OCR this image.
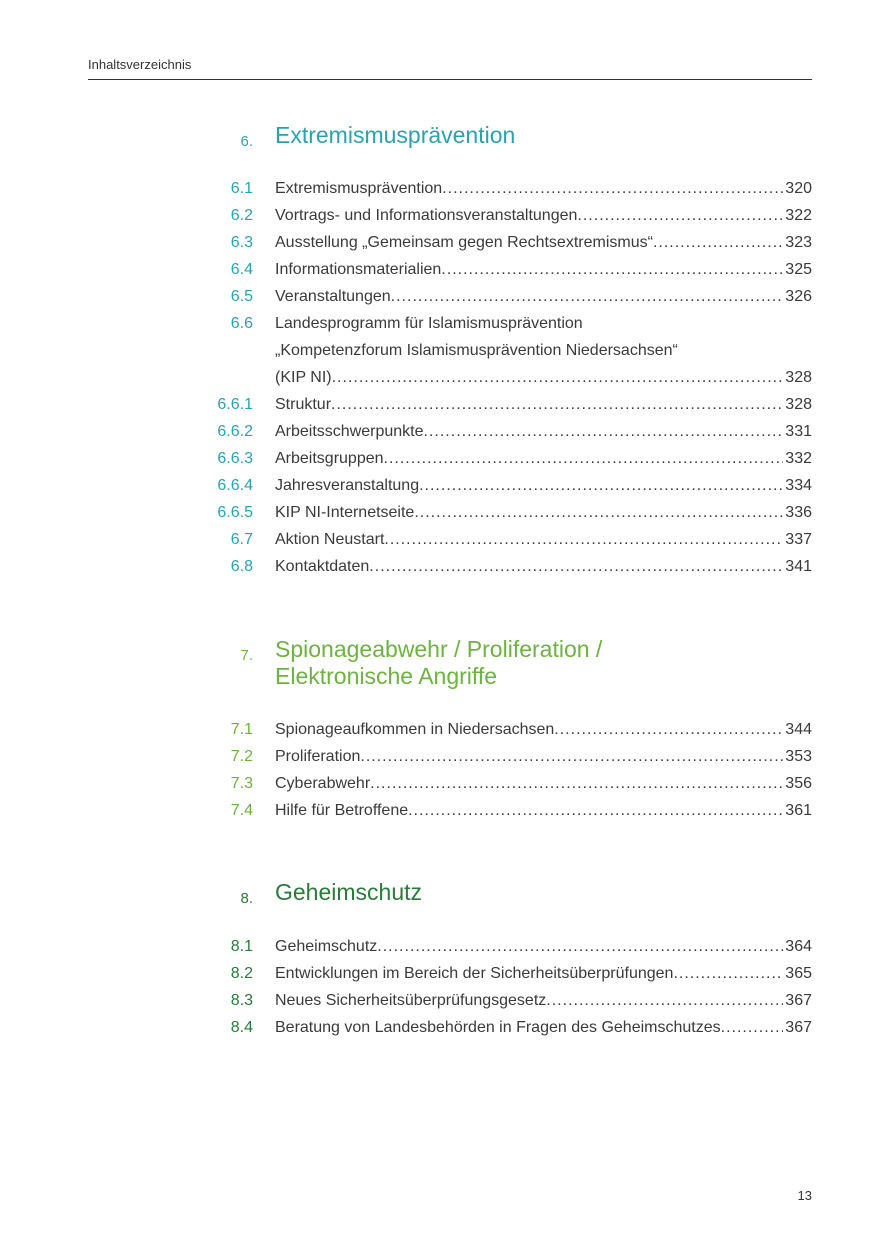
Inhaltsverzeichnis
6. Extremismusprävention
6.1 Extremismusprävention .....	320
6.2 Vortrags- und Informationsveranstaltungen .....	322
6.3 Ausstellung „Gemeinsam gegen Rechtsextremismus“ .....	323
6.4 Informationsmaterialien .....	325
6.5 Veranstaltungen .....	326
6.6 Landesprogramm für Islamismusprävention
„Kompetenzforum Islamismusprävention Niedersachsen“
(KIP NI) .....	328
6.6.1 Struktur .....	328
6.6.2 Arbeitsschwerpunkte .....	331
6.6.3 Arbeitsgruppen .....	332
6.6.4 Jahresveranstaltung .....	334
6.6.5 KIP NI-Internetseite .....	336
6.7 Aktion Neustart .....	337
6.8 Kontaktdaten .....	341
7. Spionageabwehr / Proliferation /
Elektronische Angriffe
7.1 Spionageaufkommen in Niedersachsen .....	344
7.2 Proliferation .....	353
7.3 Cyberabwehr .....	356
7.4 Hilfe für Betroffene .....	361
8. Geheimschutz
8.1 Geheimschutz .....	364
8.2 Entwicklungen im Bereich der Sicherheitsüberprüfungen .....	365
8.3 Neues Sicherheitsüberprüfungsgesetz .....	367
8.4 Beratung von Landesbehörden in Fragen des Geheimschutzes .....	367
13
